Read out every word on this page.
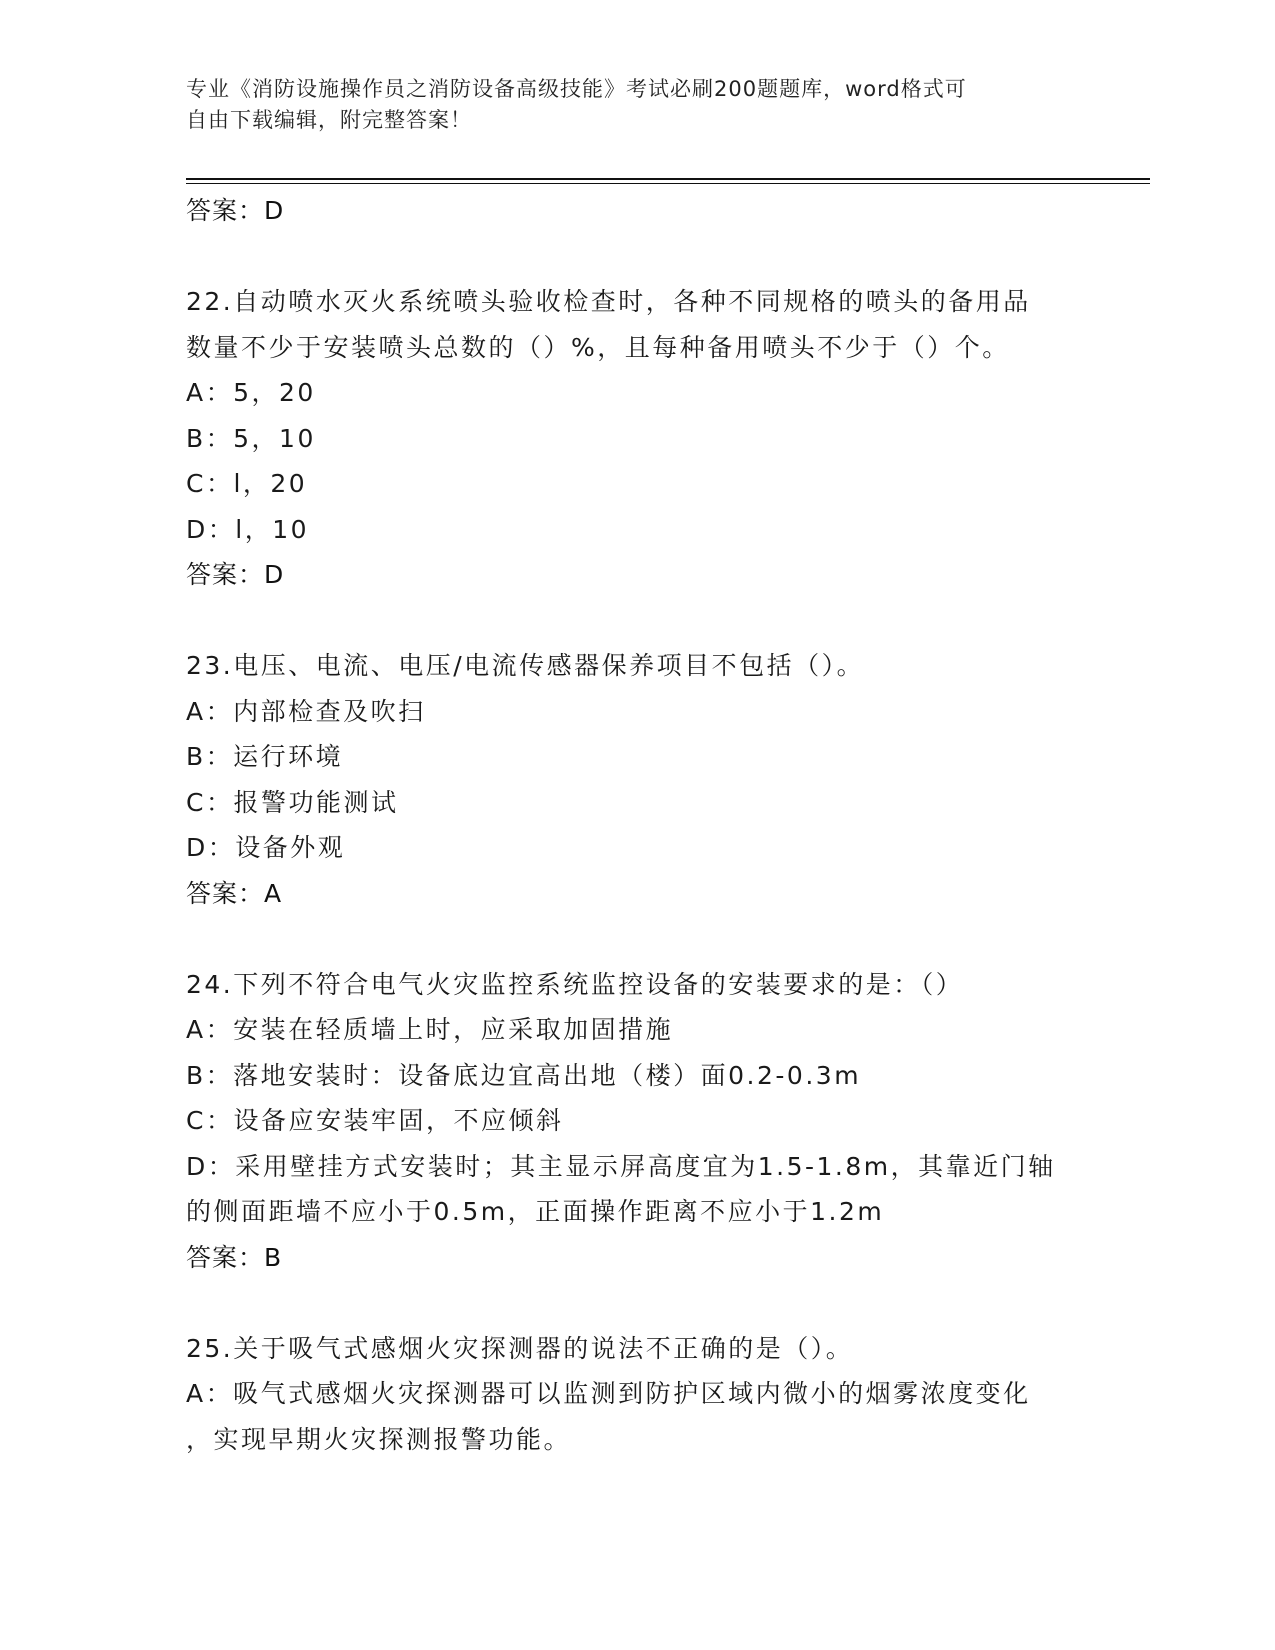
专业《消防设施操作员之消防设备高级技能》考试必刷200题题库，word格式可
自由下载编辑，附完整答案！
答案：D
22.自动喷水灭火系统喷头验收检查时，各种不同规格的喷头的备用品
数量不少于安装喷头总数的（）%，且每种备用喷头不少于（）个。
A：5，20
B：5，10
C：l，20
D：l，10
答案：D
23.电压、电流、电压/电流传感器保养项目不包括（）。
A：内部检查及吹扫
B：运行环境
C：报警功能测试
D：设备外观
答案：A
24.下列不符合电气火灾监控系统监控设备的安装要求的是：（）
A：安装在轻质墙上时，应采取加固措施
B：落地安装时：设备底边宜高出地（楼）面0.2-0.3m
C：设备应安装牢固，不应倾斜
D：采用壁挂方式安装时；其主显示屏高度宜为1.5-1.8m，其靠近门轴
的侧面距墙不应小于0.5m，正面操作距离不应小于1.2m
答案：B
25.关于吸气式感烟火灾探测器的说法不正确的是（）。
A：吸气式感烟火灾探测器可以监测到防护区域内微小的烟雾浓度变化
，实现早期火灾探测报警功能。
